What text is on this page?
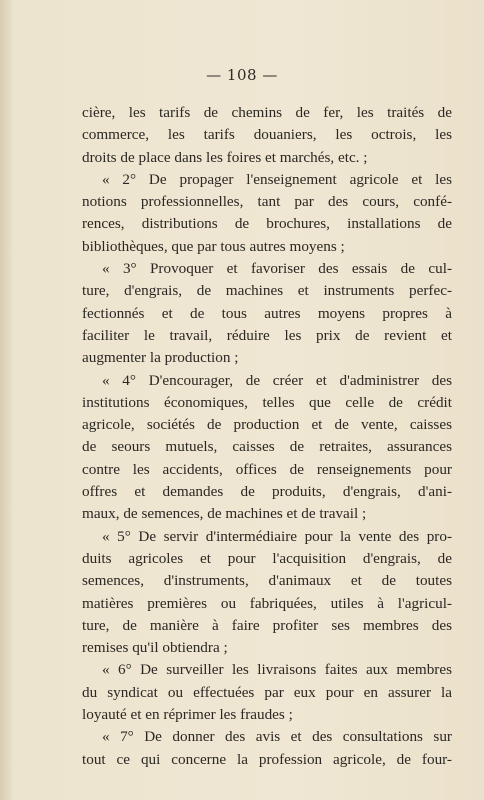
— 108 —
cière, les tarifs de chemins de fer, les traités de
commerce, les tarifs douaniers, les octrois, les
droits de place dans les foires et marchés, etc. ;
« 2° De propager l'enseignement agricole et les
notions professionnelles, tant par des cours, confé-
rences, distributions de brochures, installations de
bibliothèques, que par tous autres moyens ;
« 3° Provoquer et favoriser des essais de cul-
ture, d'engrais, de machines et instruments perfec-
fectionnés et de tous autres moyens propres à
faciliter le travail, réduire les prix de revient et
augmenter la production ;
« 4° D'encourager, de créer et d'administrer des
institutions économiques, telles que celle de crédit
agricole, sociétés de production et de vente, caisses
de seours mutuels, caisses de retraites, assurances
contre les accidents, offices de renseignements pour
offres et demandes de produits, d'engrais, d'ani-
maux, de semences, de machines et de travail ;
« 5° De servir d'intermédiaire pour la vente des pro-
duits agricoles et pour l'acquisition d'engrais, de
semences, d'instruments, d'animaux et de toutes
matières premières ou fabriquées, utiles à l'agricul-
ture, de manière à faire profiter ses membres des
remises qu'il obtiendra ;
« 6° De surveiller les livraisons faites aux membres
du syndicat ou effectuées par eux pour en assurer la
loyauté et en réprimer les fraudes ;
« 7° De donner des avis et des consultations sur
tout ce qui concerne la profession agricole, de four-
